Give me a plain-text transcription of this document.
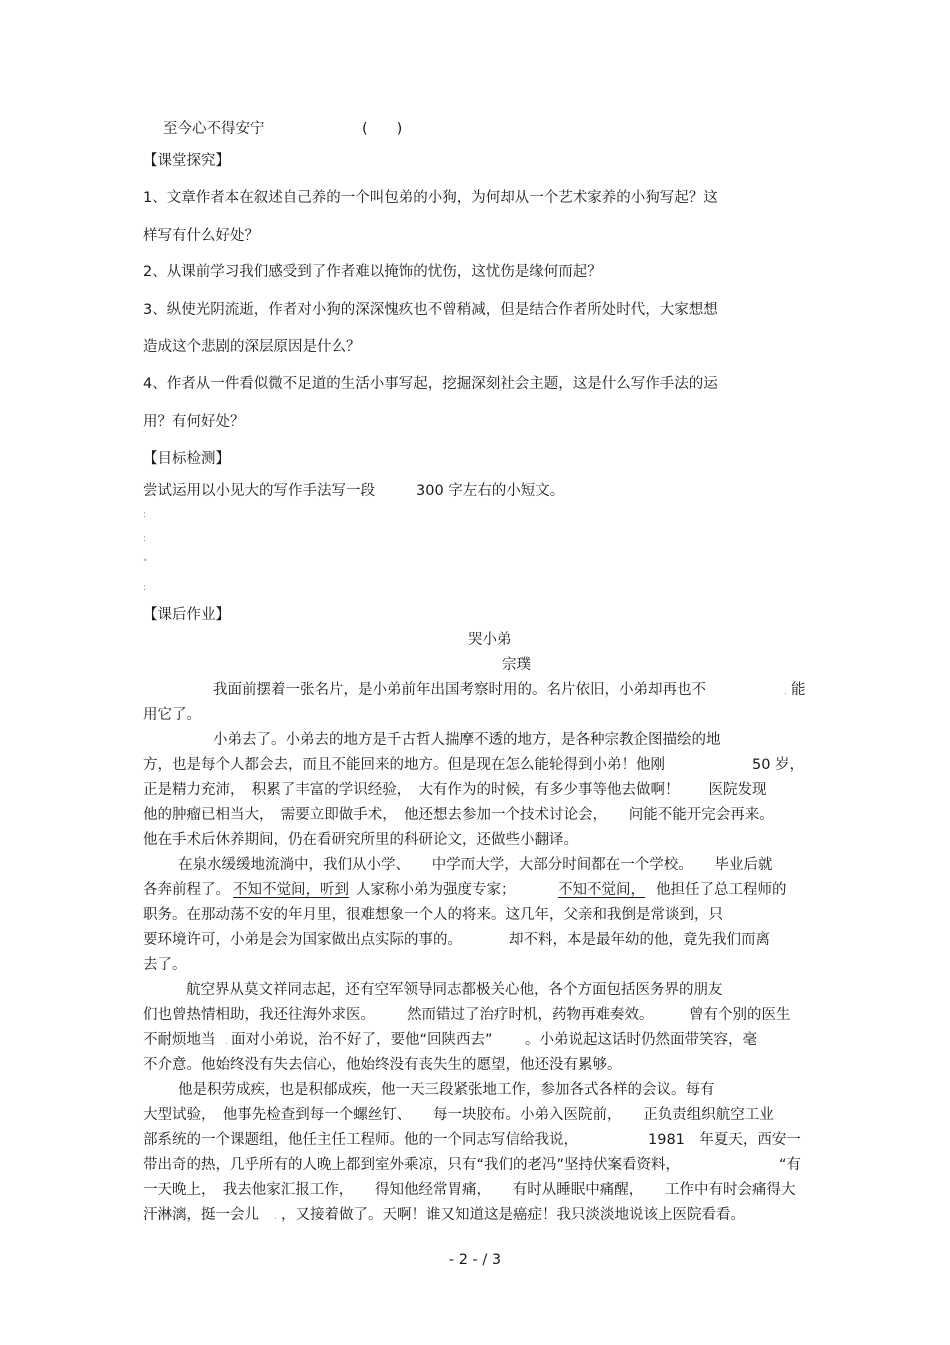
至今心不得安宁	(　　)
【课堂探究】
1、文章作者本在叙述自己养的一个叫包弟的小狗，为何却从一个艺术家养的小狗写起？这
样写有什么好处？
2、从课前学习我们感受到了作者难以掩饰的忧伤，这忧伤是缘何而起？
3、纵使光阴流逝，作者对小狗的深深愧疚也不曾稍减，但是结合作者所处时代，大家想想
造成这个悲剧的深层原因是什么？
4、作者从一件看似微不足道的生活小事写起，挖掘深刻社会主题，这是什么写作手法的运
用？有何好处？
【目标检测】
尝试运用以小见大的写作手法写一段	300 字左右的小短文。
:
:
"
:
【课后作业】
哭小弟
宗璞
我面前摆着一张名片，是小弟前年出国考察时用的。名片依旧，小弟却再也不	. 能
用它了。
小弟去了。小弟去的地方是千古哲人揣摩不透的地方，是各种宗教企图描绘的地
方，也是每个人都会去，而且不能回来的地方。但是现在怎么能轮得到小弟！他刚	50 岁，
正是精力充沛，　积累了丰富的学识经验，　大有作为的时候，有多少事等他去做啊！　　医院发现
他的肿瘤已相当大，　需要立即做手术，　他还想去参加一个技术讨论会，　　问能不能开完会再来。
他在手术后休养期间，仍在看研究所里的科研论文，还做些小翻译。
在泉水缓缓地流淌中，我们从小学、　　中学而大学，大部分时间都在一个学校。　　毕业后就
各奔前程了。 不知不觉间，听到 人家称小弟为强度专家；	不知不觉间， 他担任了总工程师的
职务。在那动荡不安的年月里，很难想象一个人的将来。这几年，父亲和我倒是常谈到，只
要环境许可，小弟是会为国家做出点实际的事的。	却不料，本是最年幼的他，竟先我们而离
去了。
航空界从莫文祥同志起，还有空军领导同志都极关心他，各个方面包括医务界的朋友
们也曾热情相助，我还往海外求医。 然而错过了治疗时机，药物再难奏效。 曾有个别的医生
不耐烦地当 . 面对小弟说，治不好了，要他“回陕西去” 。小弟说起这话时仍然面带笑容，毫
不介意。他始终没有失去信心，他始终没有丧失生的愿望，他还没有累够。
他是积劳成疾，也是积郁成疾，他一天三段紧张地工作，参加各式各样的会议。每有
大型试验，　他事先检查到每一个螺丝钉、　　每一块胶布。小弟入医院前，　　正负责组织航空工业
部系统的一个课题组，他任主任工程师。他的一个同志写信给我说，	1981　年夏天，西安一
带出奇的热，几乎所有的人晚上都到室外乘凉，只有“我们的老冯”坚持伏案看资料，	“有
一天晚上，　我去他家汇报工作，　　得知他经常胃痛，　　有时从睡眠中痛醒，　　工作中有时会痛得大
汗淋漓，挺一会儿 . ，又接着做了。天啊！谁又知道这是癌症！我只淡淡地说该上医院看看。
- 2 - / 3
